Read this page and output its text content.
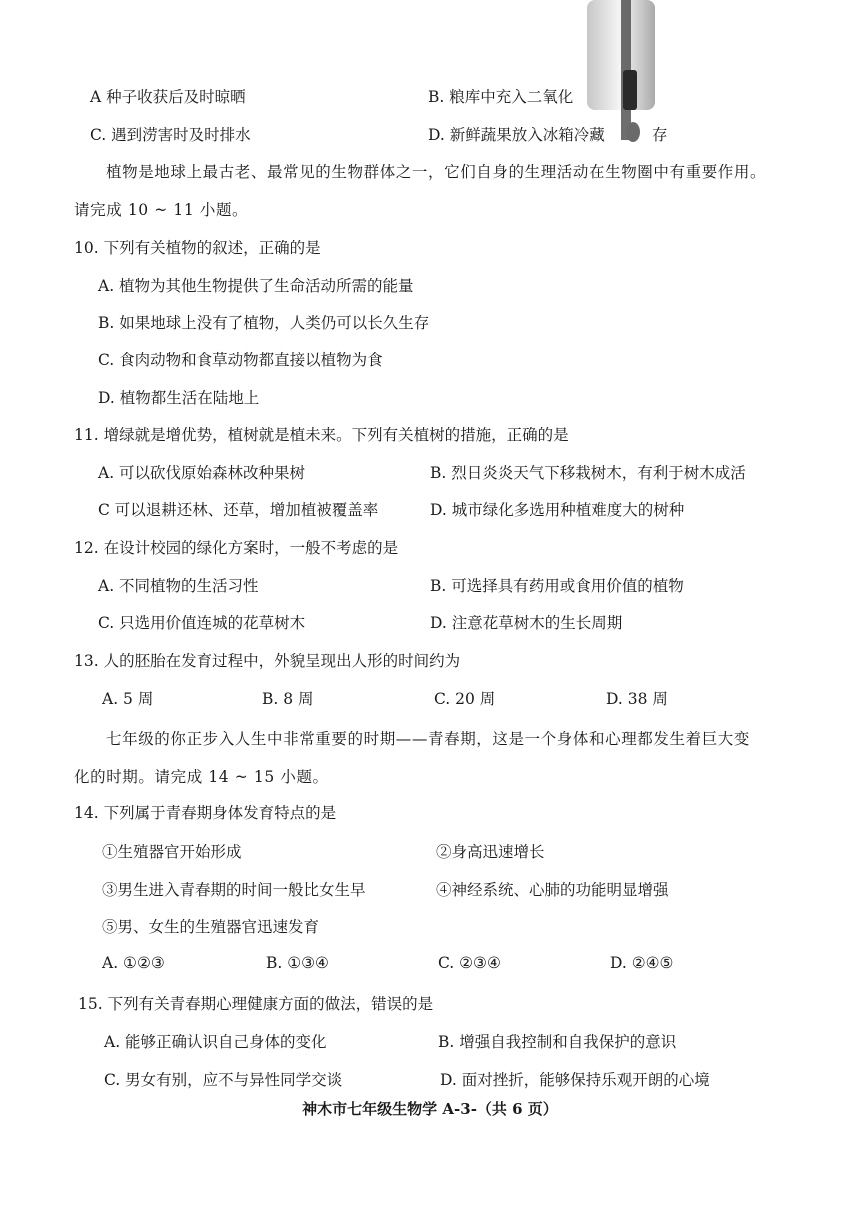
A 种子收获后及时晾晒	B. 粮库中充入二氧化
C. 遇到涝害时及时排水	D. 新鲜蔬果放入冰箱冷藏	存
植物是地球上最古老、最常见的生物群体之一，它们自身的生理活动在生物圈中有重要作用。
请完成 10 ~ 11 小题。
10. 下列有关植物的叙述，正确的是
A. 植物为其他生物提供了生命活动所需的能量
B. 如果地球上没有了植物，人类仍可以长久生存
C. 食肉动物和食草动物都直接以植物为食
D. 植物都生活在陆地上
11. 增绿就是增优势，植树就是植未来。下列有关植树的措施，正确的是
A. 可以砍伐原始森林改种果树	B. 烈日炎炎天气下移栽树木，有利于树木成活
C 可以退耕还林、还草，增加植被覆盖率	D. 城市绿化多选用种植难度大的树种
12. 在设计校园的绿化方案时，一般不考虑的是
A. 不同植物的生活习性	B. 可选择具有药用或食用价值的植物
C. 只选用价值连城的花草树木	D. 注意花草树木的生长周期
13. 人的胚胎在发育过程中，外貌呈现出人形的时间约为
A. 5 周	B. 8 周	C. 20 周	D. 38 周
七年级的你正步入人生中非常重要的时期——青春期，这是一个身体和心理都发生着巨大变
化的时期。请完成 14 ~ 15 小题。
14. 下列属于青春期身体发育特点的是
①生殖器官开始形成	②身高迅速增长
③男生进入青春期的时间一般比女生早	④神经系统、心肺的功能明显增强
⑤男、女生的生殖器官迅速发育
A. ①②③	B. ①③④	C. ②③④	D. ②④⑤
15. 下列有关青春期心理健康方面的做法，错误的是
A. 能够正确认识自己身体的变化	B. 增强自我控制和自我保护的意识
C. 男女有别，应不与异性同学交谈	D. 面对挫折，能够保持乐观开朗的心境
神木市七年级生物学 A-3-（共 6 页）
